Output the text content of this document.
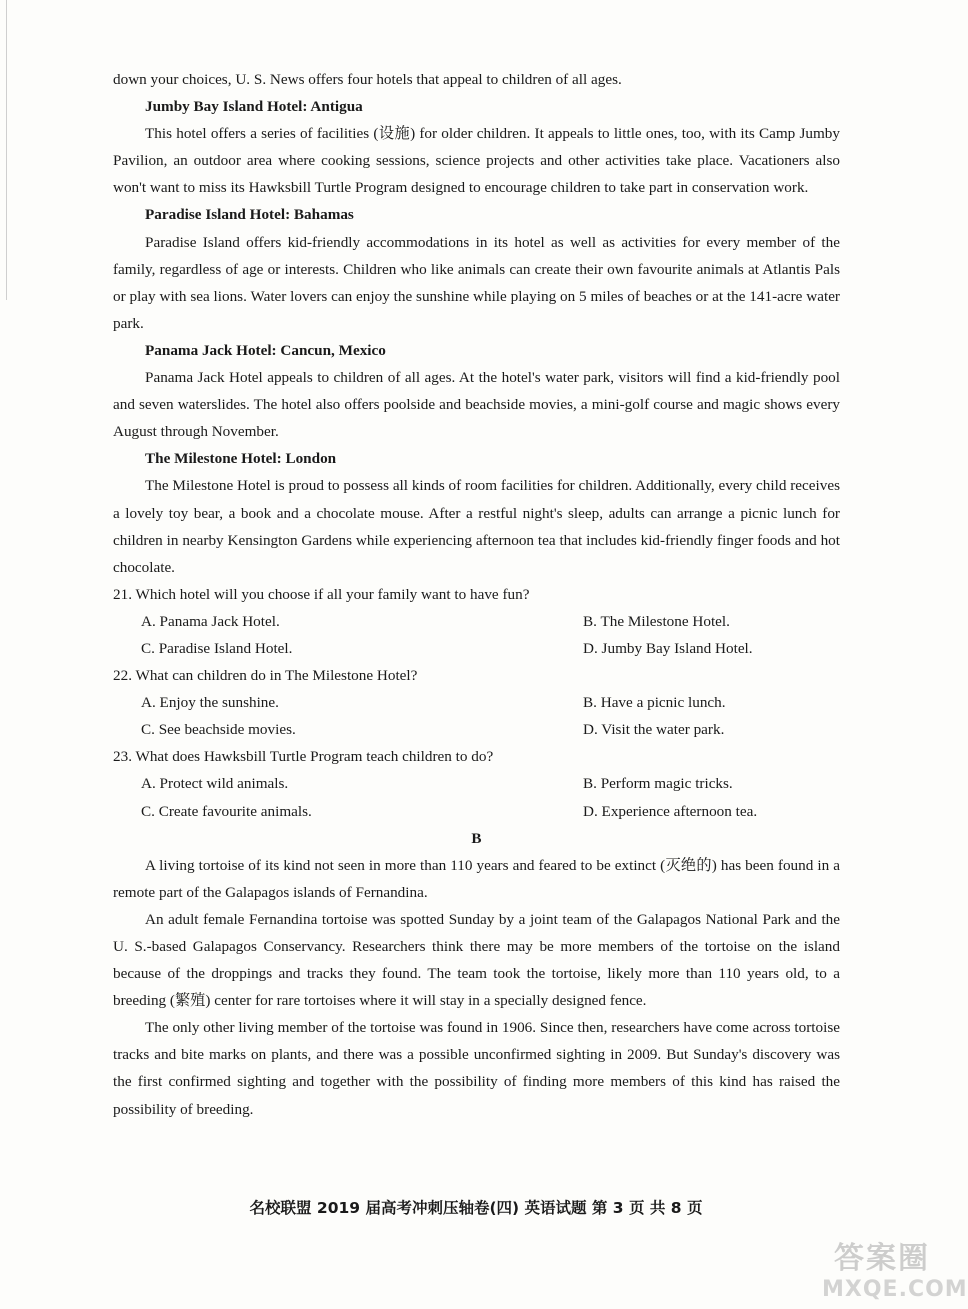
down your choices, U. S. News offers four hotels that appeal to children of all ages.

Jumby Bay Island Hotel: Antigua

This hotel offers a series of facilities (设施) for older children. It appeals to little ones, too, with its Camp Jumby Pavilion, an outdoor area where cooking sessions, science projects and other activities take place. Vacationers also won't want to miss its Hawksbill Turtle Program designed to encourage children to take part in conservation work.

Paradise Island Hotel: Bahamas

Paradise Island offers kid-friendly accommodations in its hotel as well as activities for every member of the family, regardless of age or interests. Children who like animals can create their own favourite animals at Atlantis Pals or play with sea lions. Water lovers can enjoy the sunshine while playing on 5 miles of beaches or at the 141-acre water park.

Panama Jack Hotel: Cancun, Mexico

Panama Jack Hotel appeals to children of all ages. At the hotel's water park, visitors will find a kid-friendly pool and seven waterslides. The hotel also offers poolside and beachside movies, a mini-golf course and magic shows every August through November.

The Milestone Hotel: London

The Milestone Hotel is proud to possess all kinds of room facilities for children. Additionally, every child receives a lovely toy bear, a book and a chocolate mouse. After a restful night's sleep, adults can arrange a picnic lunch for children in nearby Kensington Gardens while experiencing afternoon tea that includes kid-friendly finger foods and hot chocolate.

21. Which hotel will you choose if all your family want to have fun?

A. Panama Jack Hotel.	B. The Milestone Hotel.

C. Paradise Island Hotel.	D. Jumby Bay Island Hotel.

22. What can children do in The Milestone Hotel?

A. Enjoy the sunshine.	B. Have a picnic lunch.

C. See beachside movies.	D. Visit the water park.

23. What does Hawksbill Turtle Program teach children to do?

A. Protect wild animals.	B. Perform magic tricks.

C. Create favourite animals.	D. Experience afternoon tea.

B

A living tortoise of its kind not seen in more than 110 years and feared to be extinct (灭绝的) has been found in a remote part of the Galapagos islands of Fernandina.

An adult female Fernandina tortoise was spotted Sunday by a joint team of the Galapagos National Park and the U. S.-based Galapagos Conservancy. Researchers think there may be more members of the tortoise on the island because of the droppings and tracks they found. The team took the tortoise, likely more than 110 years old, to a breeding (繁殖) center for rare tortoises where it will stay in a specially designed fence.

The only other living member of the tortoise was found in 1906. Since then, researchers have come across tortoise tracks and bite marks on plants, and there was a possible unconfirmed sighting in 2009. But Sunday's discovery was the first confirmed sighting and together with the possibility of finding more members of this kind has raised the possibility of breeding.

名校联盟 2019 届高考冲刺压轴卷(四) 英语试题 第 3 页 共 8 页
答案圈
MXQE.COM
